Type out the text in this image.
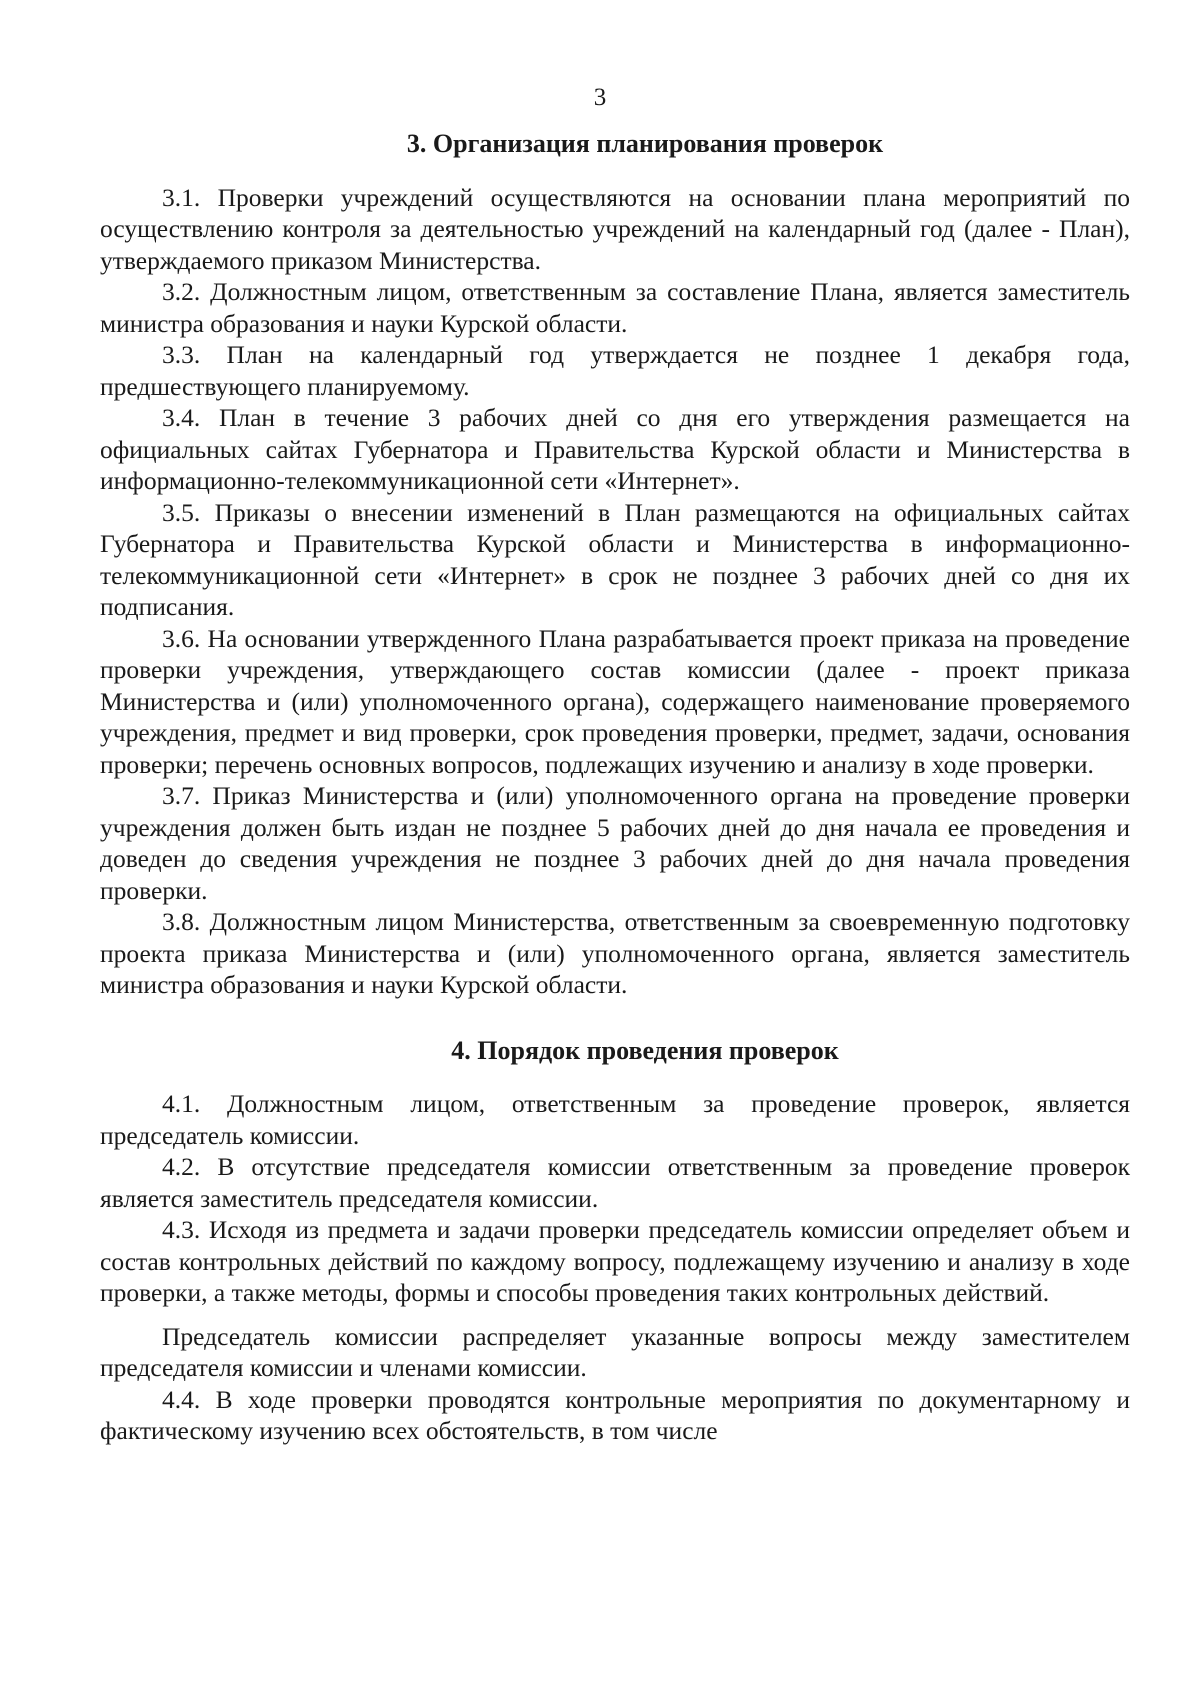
3
3. Организация планирования проверок

3.1. Проверки учреждений осуществляются на основании плана мероприятий по осуществлению контроля за деятельностью учреждений на календарный год (далее - План), утверждаемого приказом Министерства.

3.2. Должностным лицом, ответственным за составление Плана, является заместитель министра образования и науки Курской области.

3.3. План на календарный год утверждается не позднее 1 декабря года, предшествующего планируемому.

3.4. План в течение 3 рабочих дней со дня его утверждения размещается на официальных сайтах Губернатора и Правительства Курской области и Министерства в информационно-телекоммуникационной сети «Интернет».

3.5. Приказы о внесении изменений в План размещаются на официальных сайтах Губернатора и Правительства Курской области и Министерства в информационно-телекоммуникационной сети «Интернет» в срок не позднее 3 рабочих дней со дня их подписания.

3.6. На основании утвержденного Плана разрабатывается проект приказа на проведение проверки учреждения, утверждающего состав комиссии (далее - проект приказа Министерства и (или) уполномоченного органа), содержащего наименование проверяемого учреждения, предмет и вид проверки, срок проведения проверки, предмет, задачи, основания проверки; перечень основных вопросов, подлежащих изучению и анализу в ходе проверки.

3.7. Приказ Министерства и (или) уполномоченного органа на проведение проверки учреждения должен быть издан не позднее 5 рабочих дней до дня начала ее проведения и доведен до сведения учреждения не позднее 3 рабочих дней до дня начала проведения проверки.

3.8. Должностным лицом Министерства, ответственным за своевременную подготовку проекта приказа Министерства и (или) уполномоченного органа, является заместитель министра образования и науки Курской области.

4. Порядок проведения проверок

4.1. Должностным лицом, ответственным за проведение проверок, является председатель комиссии.

4.2. В отсутствие председателя комиссии ответственным за проведение проверок является заместитель председателя комиссии.

4.3. Исходя из предмета и задачи проверки председатель комиссии определяет объем и состав контрольных действий по каждому вопросу, подлежащему изучению и анализу в ходе проверки, а также методы, формы и способы проведения таких контрольных действий.

Председатель комиссии распределяет указанные вопросы между заместителем председателя комиссии и членами комиссии.

4.4. В ходе проверки проводятся контрольные мероприятия по документарному и фактическому изучению всех обстоятельств, в том числе
